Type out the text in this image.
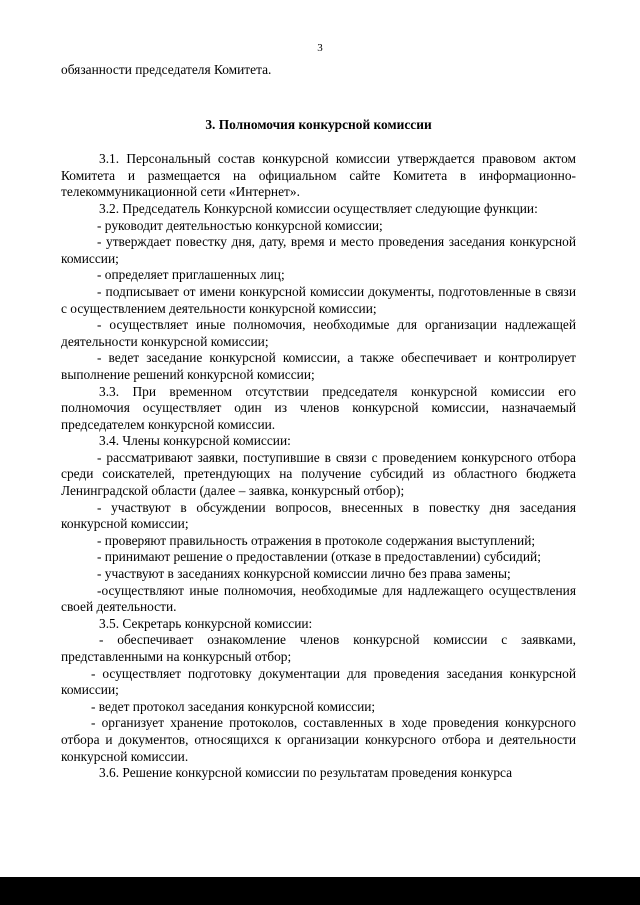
3

обязанности председателя Комитета.

3. Полномочия конкурсной комиссии

3.1. Персональный состав конкурсной комиссии утверждается правовом актом Комитета и размещается на официальном сайте Комитета в информационно-телекоммуникационной сети «Интернет».

3.2. Председатель Конкурсной комиссии осуществляет следующие функции:

- руководит деятельностью конкурсной комиссии;

- утверждает повестку дня, дату, время и место проведения заседания конкурсной комиссии;

- определяет приглашенных лиц;

- подписывает от имени конкурсной комиссии документы, подготовленные в связи с осуществлением деятельности конкурсной комиссии;

- осуществляет иные полномочия, необходимые для организации надлежащей деятельности конкурсной комиссии;

- ведет заседание конкурсной комиссии, а также обеспечивает и контролирует выполнение решений конкурсной комиссии;

3.3. При временном отсутствии председателя конкурсной комиссии его полномочия осуществляет один из членов конкурсной комиссии, назначаемый председателем конкурсной комиссии.

3.4. Члены конкурсной комиссии:

- рассматривают заявки, поступившие в связи с проведением конкурсного отбора среди соискателей, претендующих на получение субсидий из областного бюджета Ленинградской области (далее – заявка, конкурсный отбор);

- участвуют в обсуждении вопросов, внесенных в повестку дня заседания конкурсной комиссии;

- проверяют правильность отражения в протоколе содержания выступлений;

- принимают решение о предоставлении (отказе в предоставлении) субсидий;

- участвуют в заседаниях конкурсной комиссии лично без права замены;

-осуществляют иные полномочия, необходимые для надлежащего осуществления своей деятельности.

3.5. Секретарь конкурсной комиссии:

- обеспечивает ознакомление членов конкурсной комиссии с заявками, представленными на конкурсный отбор;

- осуществляет подготовку документации для проведения заседания конкурсной комиссии;

- ведет протокол заседания конкурсной комиссии;

- организует хранение протоколов, составленных в ходе проведения конкурсного отбора и документов, относящихся к организации конкурсного отбора и деятельности конкурсной комиссии.

3.6. Решение конкурсной комиссии по результатам проведения конкурса
